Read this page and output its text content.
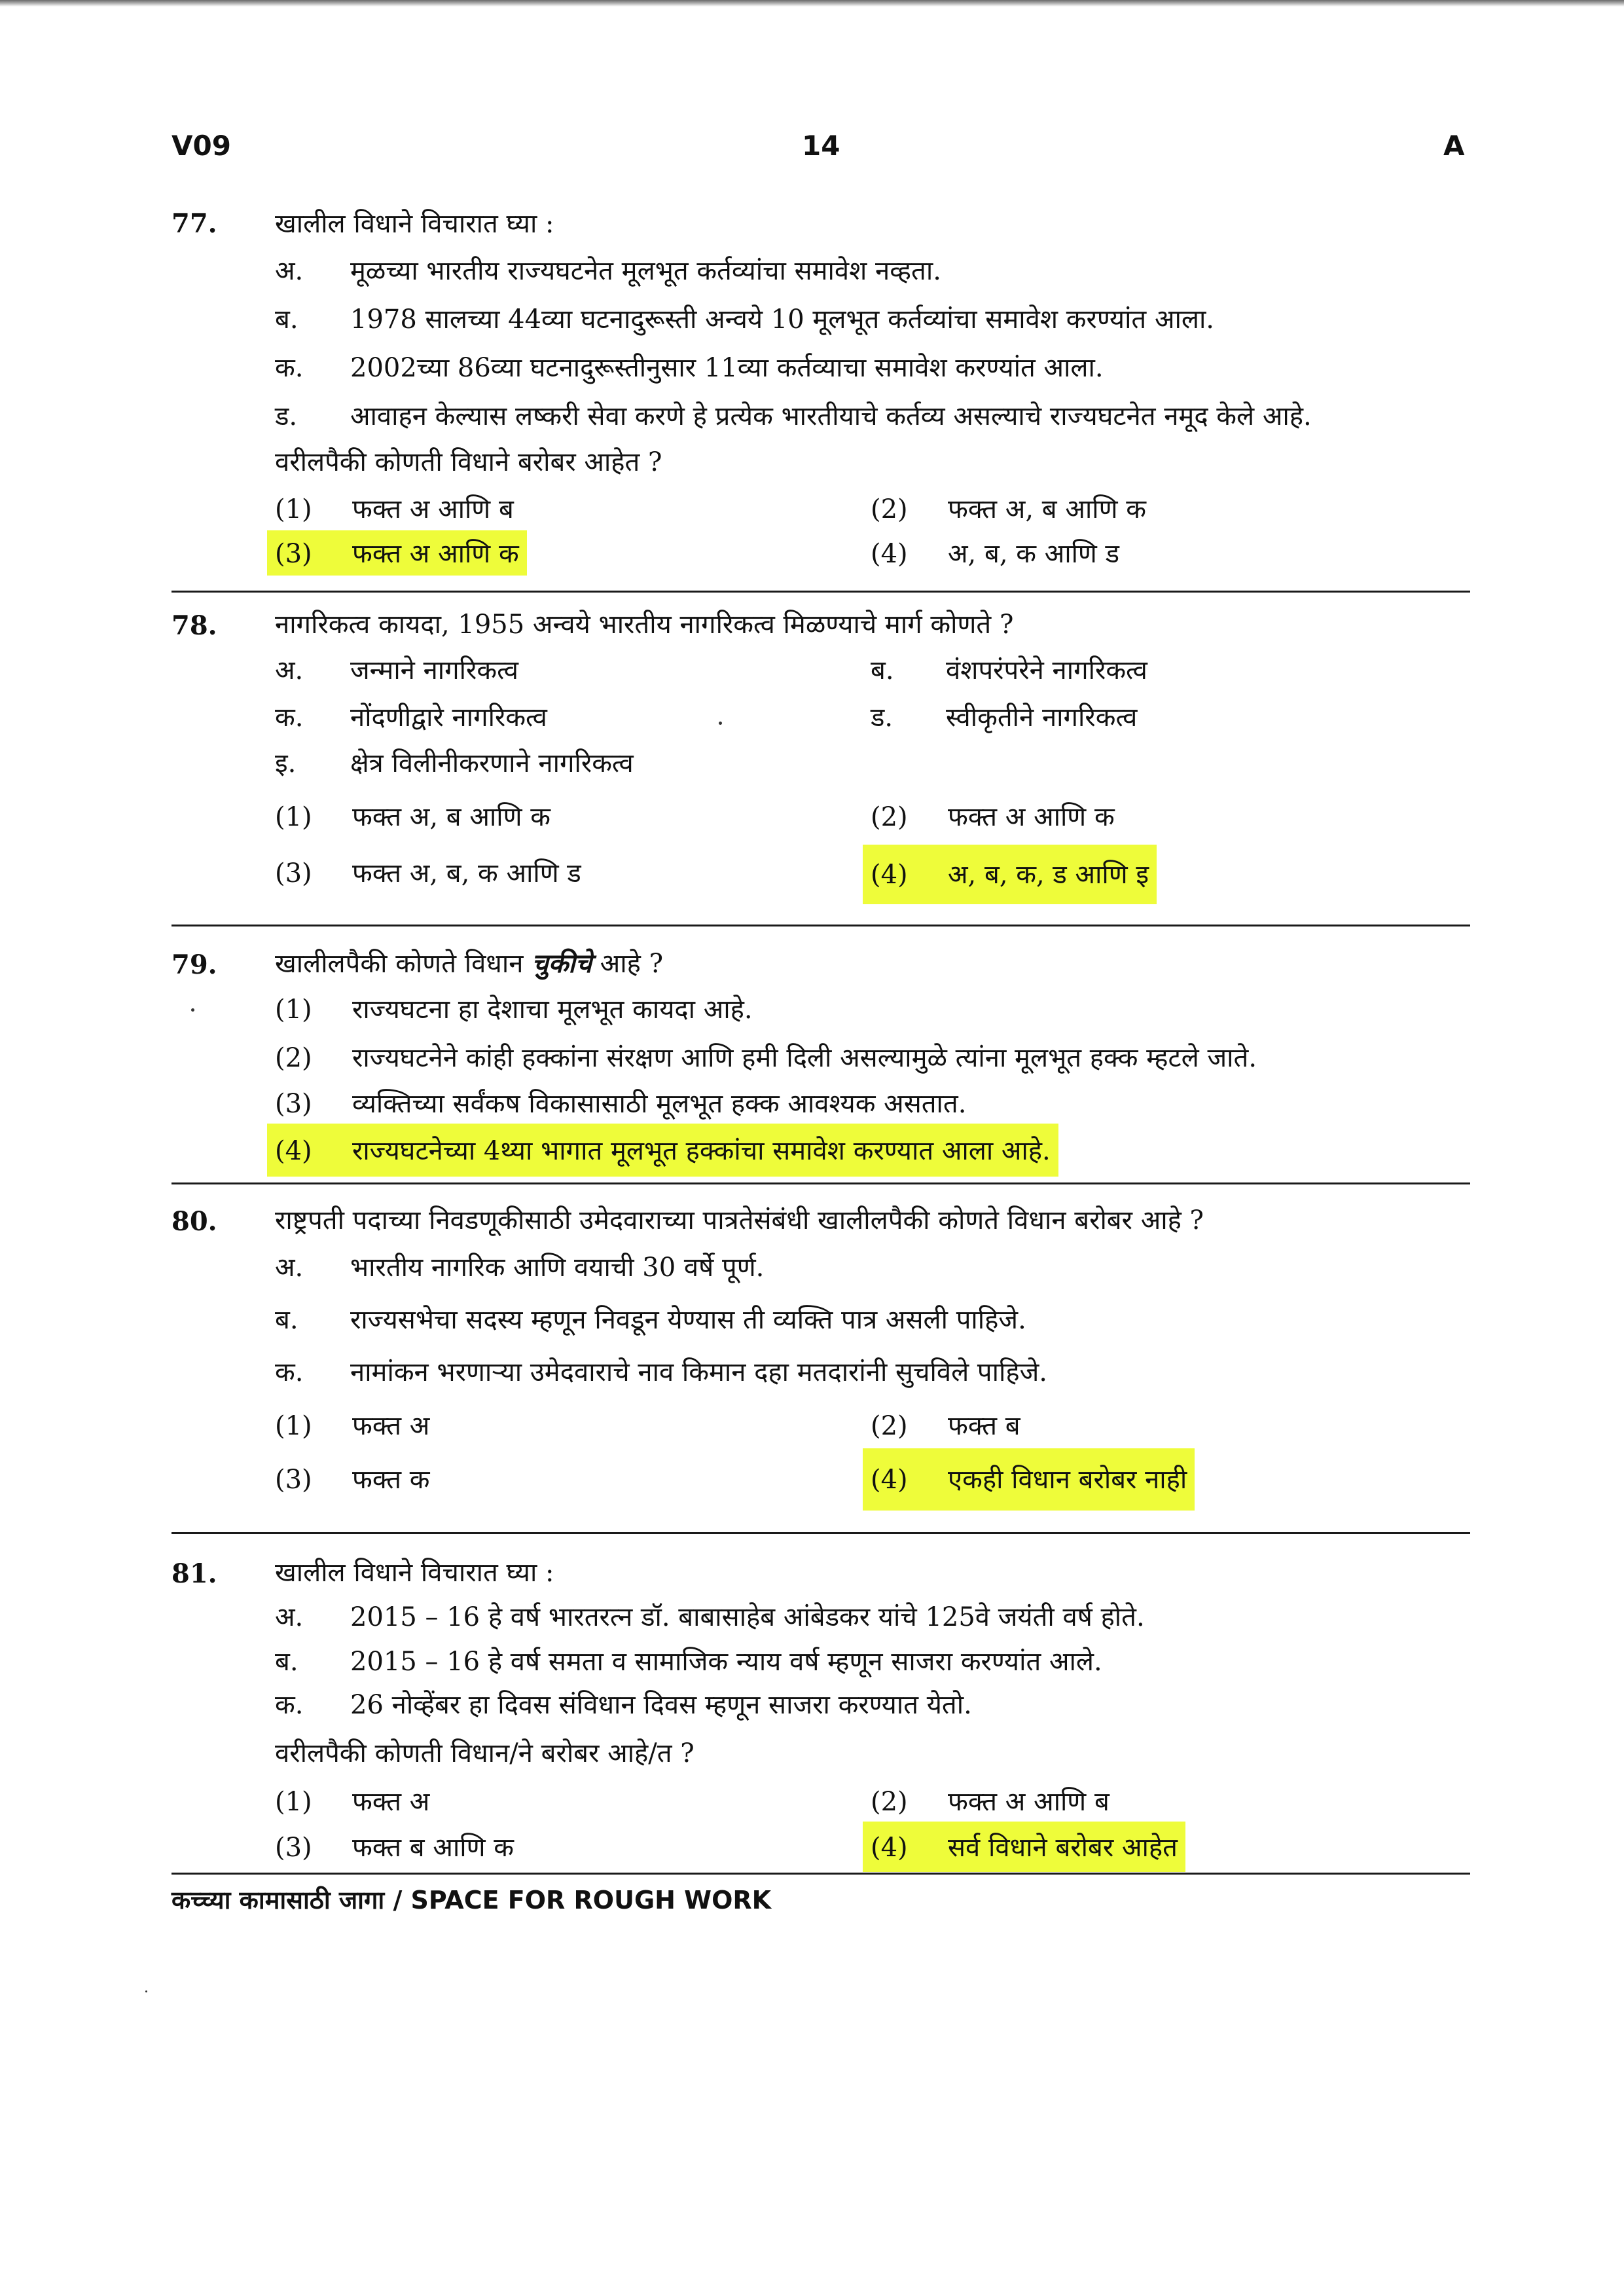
V09	14	A
77. खालील विधाने विचारात घ्या :
अ. मूळच्या भारतीय राज्यघटनेत मूलभूत कर्तव्यांचा समावेश नव्हता.
ब. 1978 सालच्या 44व्या घटनादुरूस्ती अन्वये 10 मूलभूत कर्तव्यांचा समावेश करण्यांत आला.
क. 2002च्या 86व्या घटनादुरूस्तीनुसार 11व्या कर्तव्याचा समावेश करण्यांत आला.
ड. आवाहन केल्यास लष्करी सेवा करणे हे प्रत्येक भारतीयाचे कर्तव्य असल्याचे राज्यघटनेत नमूद केले आहे.
वरीलपैकी कोणती विधाने बरोबर आहेत ?
(1) फक्त अ आणि ब	(2) फक्त अ, ब आणि क
(3) फक्त अ आणि क	(4) अ, ब, क आणि ड
78. नागरिकत्व कायदा, 1955 अन्वये भारतीय नागरिकत्व मिळण्याचे मार्ग कोणते ?
अ. जन्माने नागरिकत्व	ब. वंशपरंपरेने नागरिकत्व
क. नोंदणीद्वारे नागरिकत्व	ड. स्वीकृतीने नागरिकत्व
इ. क्षेत्र विलीनीकरणाने नागरिकत्व
(1) फक्त अ, ब आणि क	(2) फक्त अ आणि क
(3) फक्त अ, ब, क आणि ड	(4) अ, ब, क, ड आणि इ
79. खालीलपैकी कोणते विधान चुकीचे आहे ?
(1) राज्यघटना हा देशाचा मूलभूत कायदा आहे.
(2) राज्यघटनेने कांही हक्कांना संरक्षण आणि हमी दिली असल्यामुळे त्यांना मूलभूत हक्क म्हटले जाते.
(3) व्यक्तिच्या सर्वंकष विकासासाठी मूलभूत हक्क आवश्यक असतात.
(4) राज्यघटनेच्या 4थ्या भागात मूलभूत हक्कांचा समावेश करण्यात आला आहे.
80. राष्ट्रपती पदाच्या निवडणूकीसाठी उमेदवाराच्या पात्रतेसंबंधी खालीलपैकी कोणते विधान बरोबर आहे ?
अ. भारतीय नागरिक आणि वयाची 30 वर्षे पूर्ण.
ब. राज्यसभेचा सदस्य म्हणून निवडून येण्यास ती व्यक्ति पात्र असली पाहिजे.
क. नामांकन भरणाऱ्या उमेदवाराचे नाव किमान दहा मतदारांनी सुचविले पाहिजे.
(1) फक्त अ	(2) फक्त ब
(3) फक्त क	(4) एकही विधान बरोबर नाही
81. खालील विधाने विचारात घ्या :
अ. 2015 – 16 हे वर्ष भारतरत्न डॉ. बाबासाहेब आंबेडकर यांचे 125वे जयंती वर्ष होते.
ब. 2015 – 16 हे वर्ष समता व सामाजिक न्याय वर्ष म्हणून साजरा करण्यांत आले.
क. 26 नोव्हेंबर हा दिवस संविधान दिवस म्हणून साजरा करण्यात येतो.
वरीलपैकी कोणती विधान/ने बरोबर आहे/त ?
(1) फक्त अ	(2) फक्त अ आणि ब
(3) फक्त ब आणि क	(4) सर्व विधाने बरोबर आहेत
कच्च्या कामासाठी जागा / SPACE FOR ROUGH WORK
